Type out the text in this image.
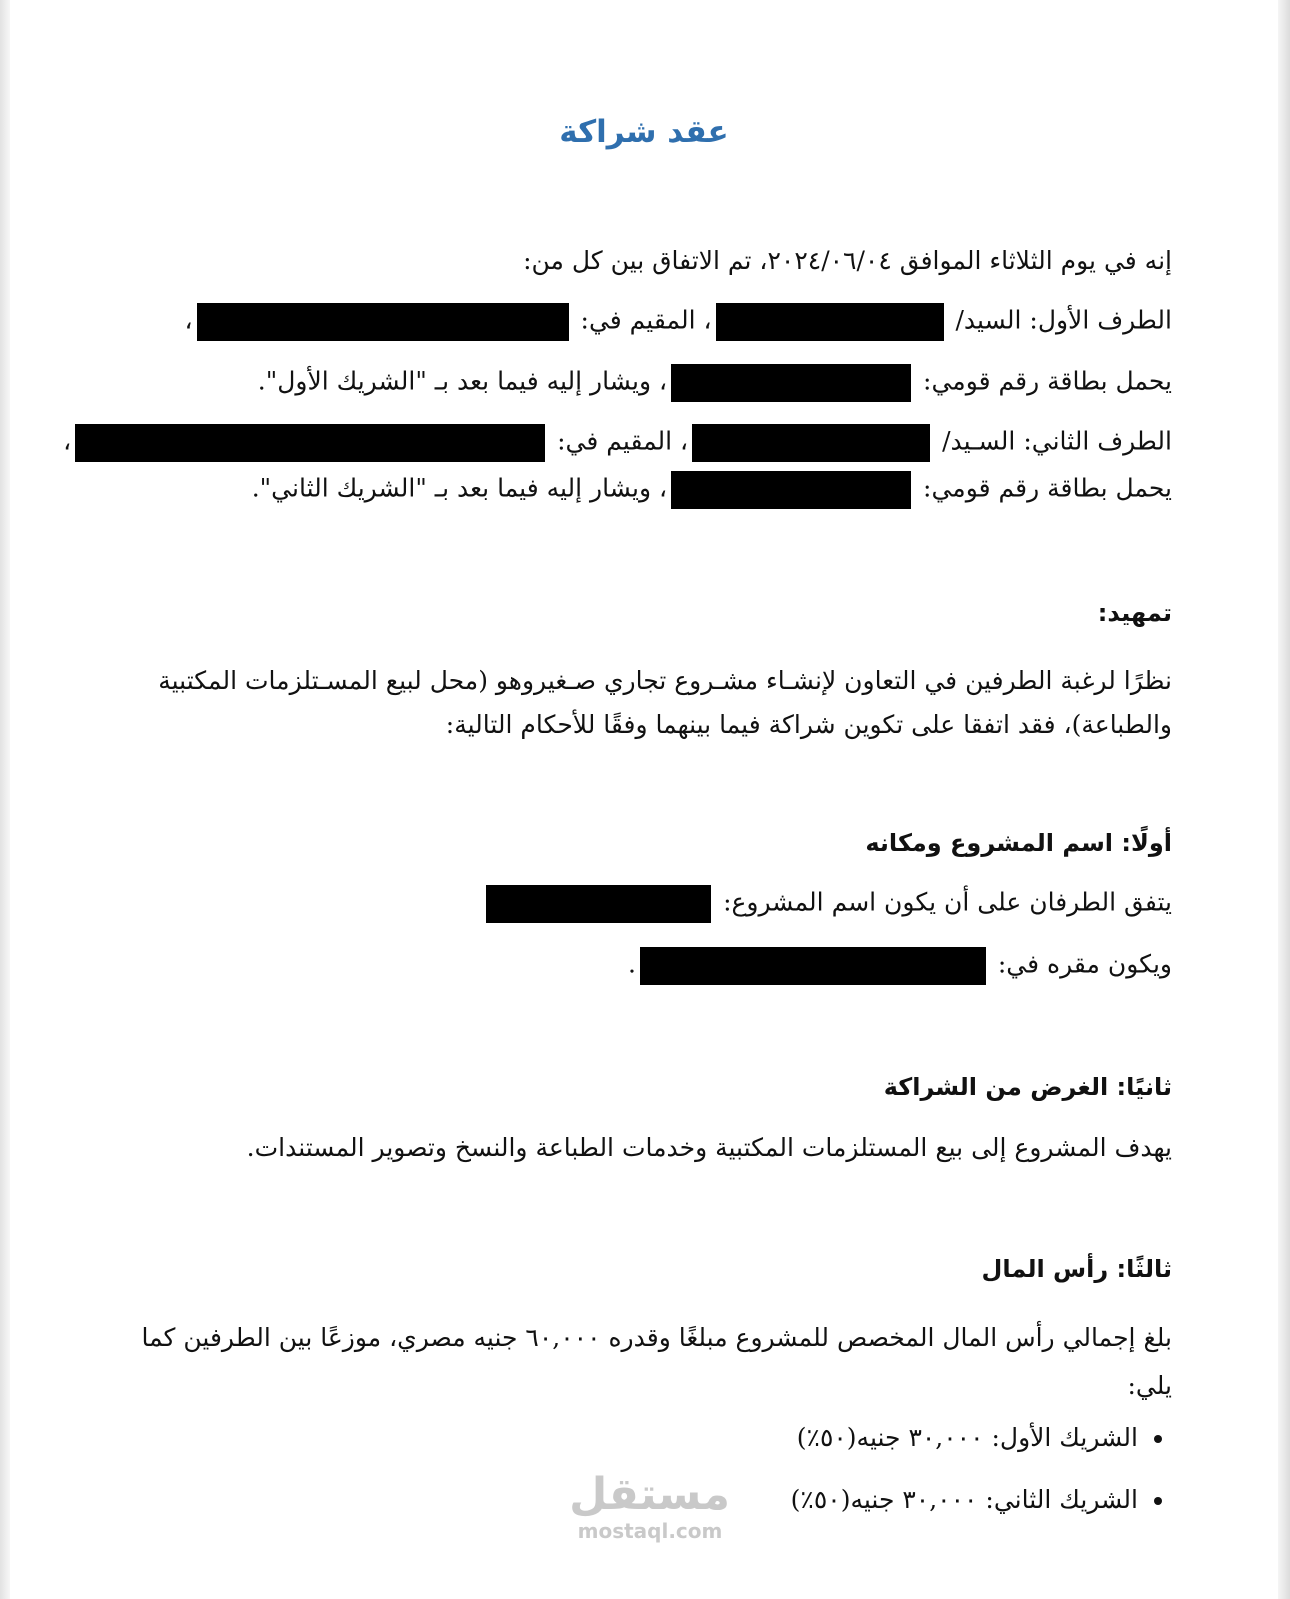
عقد شراكة
إنه في يوم الثلاثاء الموافق ٢٠٢٤/٠٦/٠٤، تم الاتفاق بين كل من:
الطرف الأول: السيد/ ، المقيم في: ،
يحمل بطاقة رقم قومي: ، ويشار إليه فيما بعد بـ "الشريك الأول".
الطرف الثاني: السـيد/ ، المقيم في: ،
يحمل بطاقة رقم قومي: ، ويشار إليه فيما بعد بـ "الشريك الثاني".
تمهيد:
نظرًا لرغبة الطرفين في التعاون لإنشـاء مشـروع تجاري صـغيروهو (محل لبيع المسـتلزمات المكتبية والطباعة)، فقد اتفقا على تكوين شراكة فيما بينهما وفقًا للأحكام التالية:
أولًا: اسم المشروع ومكانه
يتفق الطرفان على أن يكون اسم المشروع:
ويكون مقره في: .
ثانيًا: الغرض من الشراكة
يهدف المشروع إلى بيع المستلزمات المكتبية وخدمات الطباعة والنسخ وتصوير المستندات.
ثالثًا: رأس المال
بلغ إجمالي رأس المال المخصص للمشروع مبلغًا وقدره ٦٠,٠٠٠ جنيه مصري، موزعًا بين الطرفين كما يلي:
الشريك الأول: ٣٠,٠٠٠ جنيه(٥٠٪)
الشريك الثاني: ٣٠,٠٠٠ جنيه(٥٠٪)
مستقل
mostaql.com
